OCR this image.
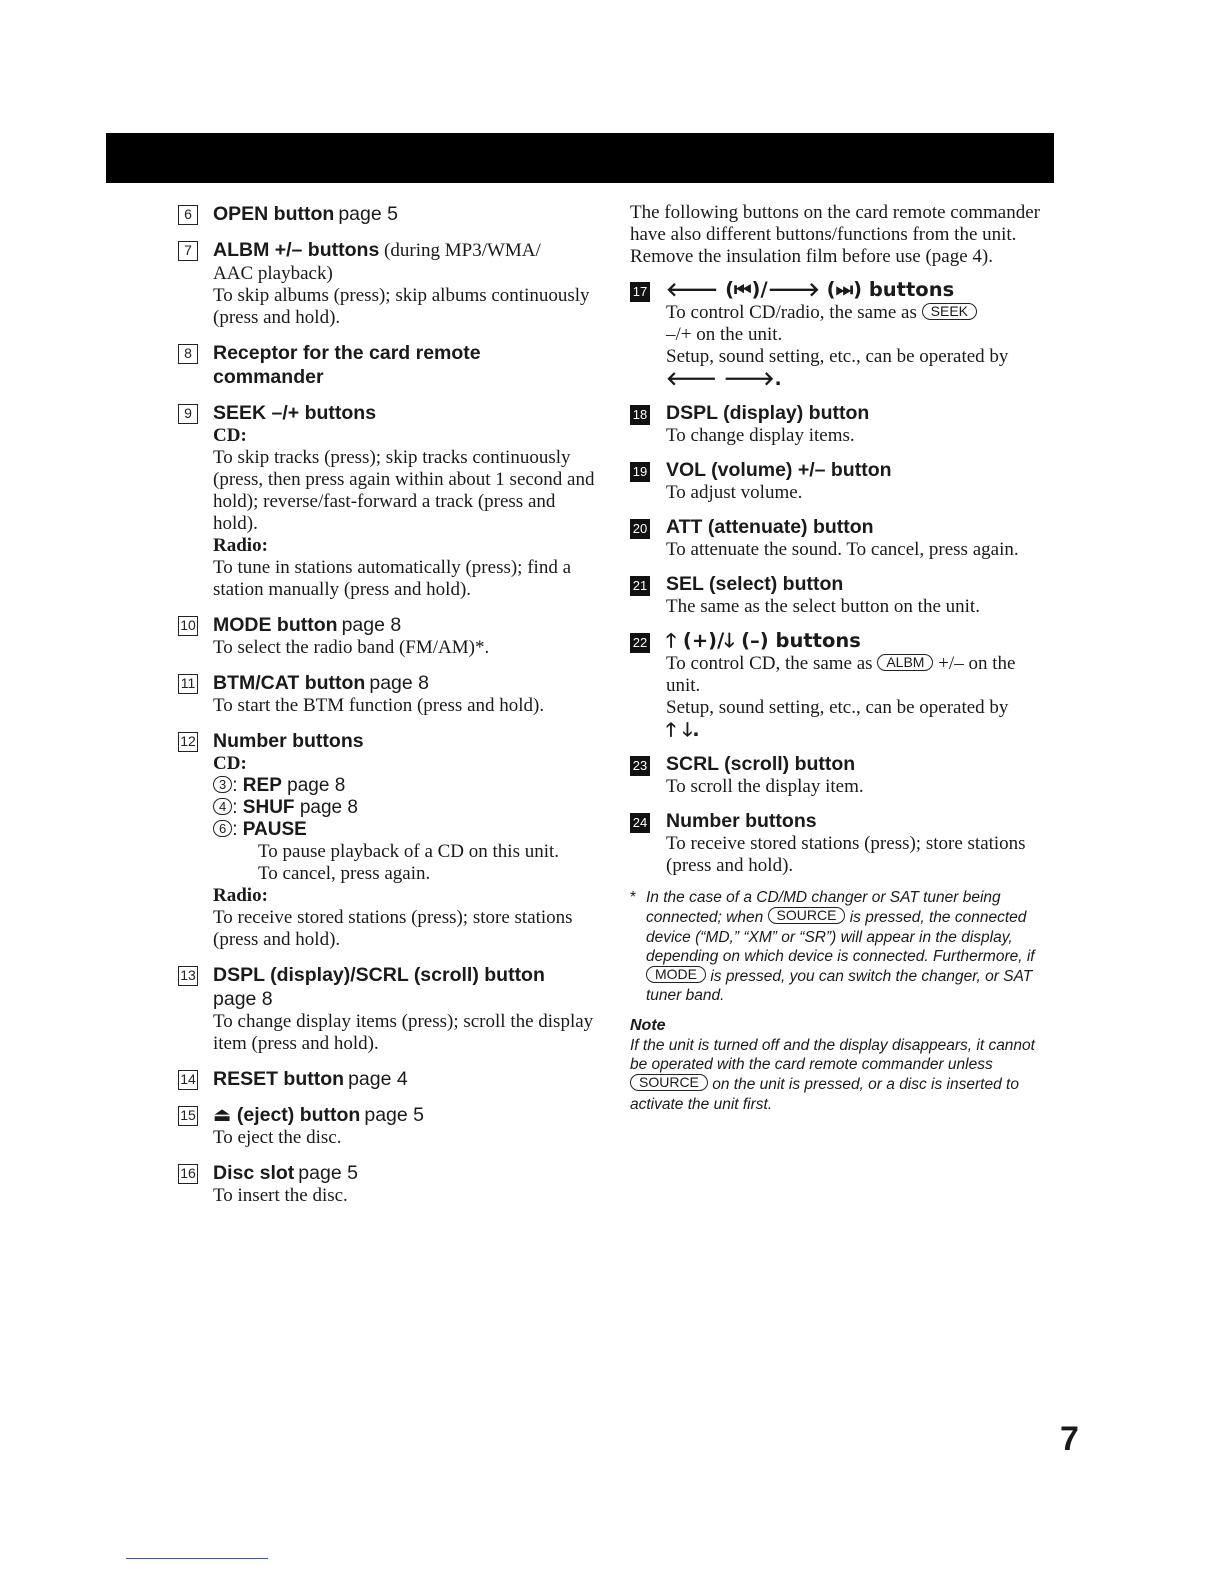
6	OPEN button page 5
7	ALBM +/– buttons (during MP3/WMA/
AAC playback)
To skip albums (press); skip albums continuously (press and hold).
8	Receptor for the card remote
commander
9	SEEK –/+ buttons
CD:
To skip tracks (press); skip tracks continuously (press, then press again within about 1 second and hold); reverse/fast-forward a track (press and hold).
Radio:
To tune in stations automatically (press); find a station manually (press and hold).
10 MODE button page 8
To select the radio band (FM/AM)*.
11 BTM/CAT button page 8
To start the BTM function (press and hold).
12 Number buttons
CD:
3 : REP page 8
4 : SHUF page 8
6 : PAUSE
To pause playback of a CD on this unit.
To cancel, press again.
Radio:
To receive stored stations (press); store stations (press and hold).
13 DSPL (display)/SCRL (scroll) button
page 8
To change display items (press); scroll the display item (press and hold).
14 RESET button page 4
15 ⏏ (eject) button page 5
To eject the disc.
16 Disc slot page 5
To insert the disc.
The following buttons on the card remote commander have also different buttons/functions from the unit. Remove the insulation film before use (page 4).
17 🡐 (⏮)/🡒 (⏭) buttons
To control CD/radio, the same as SEEK
–/+ on the unit.
Setup, sound setting, etc., can be operated by
🡐 🡒.
18 DSPL (display) button
To change display items.
19 VOL (volume) +/– button
To adjust volume.
20 ATT (attenuate) button
To attenuate the sound. To cancel, press again.
21 SEL (select) button
The same as the select button on the unit.
22 🡑 (+)/🡓 (–) buttons
To control CD, the same as ALBM +/– on the unit.
Setup, sound setting, etc., can be operated by
🡑 🡓.
23 SCRL (scroll) button
To scroll the display item.
24 Number buttons
To receive stored stations (press); store stations (press and hold).
* In the case of a CD/MD changer or SAT tuner being connected; when SOURCE is pressed, the connected device (“MD,” “XM” or “SR”) will appear in the display, depending on which device is connected. Furthermore, if MODE is pressed, you can switch the changer, or SAT tuner band.
Note
If the unit is turned off and the display disappears, it cannot be operated with the card remote commander unless SOURCE on the unit is pressed, or a disc is inserted to activate the unit first.
7
